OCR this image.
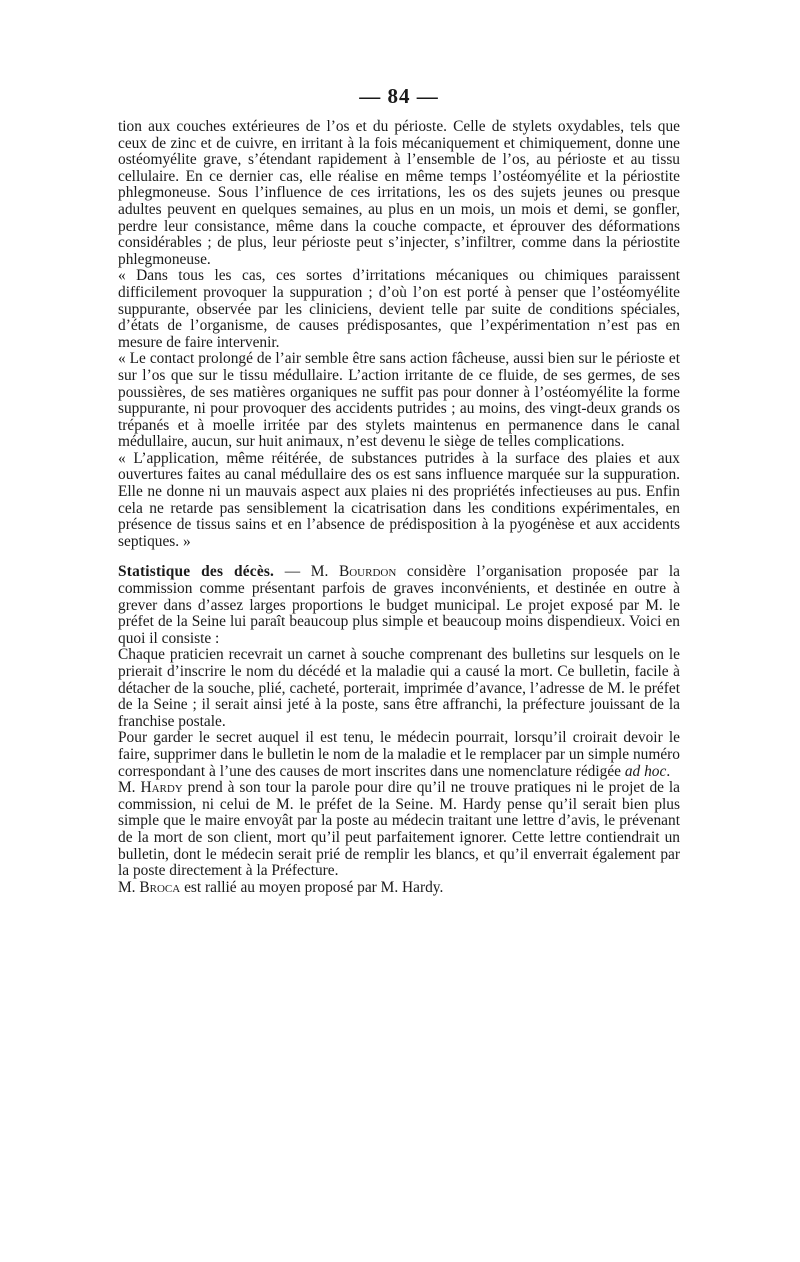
— 84 —

tion aux couches extérieures de l’os et du périoste. Celle de stylets oxydables, tels que ceux de zinc et de cuivre, en irritant à la fois mécaniquement et chimiquement, donne une ostéomyélite grave, s’étendant rapidement à l’ensemble de l’os, au périoste et au tissu cellulaire. En ce dernier cas, elle réalise en même temps l’ostéomyélite et la périostite phlegmoneuse. Sous l’influence de ces irritations, les os des sujets jeunes ou presque adultes peuvent en quelques semaines, au plus en un mois, un mois et demi, se gonfler, perdre leur consistance, même dans la couche compacte, et éprouver des déformations considérables ; de plus, leur périoste peut s’injecter, s’infiltrer, comme dans la périostite phlegmoneuse.

« Dans tous les cas, ces sortes d’irritations mécaniques ou chimiques paraissent difficilement provoquer la suppuration ; d’où l’on est porté à penser que l’ostéomyélite suppurante, observée par les cliniciens, devient telle par suite de conditions spéciales, d’états de l’organisme, de causes prédisposantes, que l’expérimentation n’est pas en mesure de faire intervenir.

« Le contact prolongé de l’air semble être sans action fâcheuse, aussi bien sur le périoste et sur l’os que sur le tissu médullaire. L’action irritante de ce fluide, de ses germes, de ses poussières, de ses matières organiques ne suffit pas pour donner à l’ostéomyélite la forme suppurante, ni pour provoquer des accidents putrides ; au moins, des vingt-deux grands os trépanés et à moelle irritée par des stylets maintenus en permanence dans le canal médullaire, aucun, sur huit animaux, n’est devenu le siège de telles complications.

« L’application, même réitérée, de substances putrides à la surface des plaies et aux ouvertures faites au canal médullaire des os est sans influence marquée sur la suppuration. Elle ne donne ni un mauvais aspect aux plaies ni des propriétés infectieuses au pus. Enfin cela ne retarde pas sensiblement la cicatrisation dans les conditions expérimentales, en présence de tissus sains et en l’absence de prédisposition à la pyogénèse et aux accidents septiques. »

Statistique des décès. — M. Bourdon considère l’organisation proposée par la commission comme présentant parfois de graves inconvénients, et destinée en outre à grever dans d’assez larges proportions le budget municipal. Le projet exposé par M. le préfet de la Seine lui paraît beaucoup plus simple et beaucoup moins dispendieux. Voici en quoi il consiste :

Chaque praticien recevrait un carnet à souche comprenant des bulletins sur lesquels on le prierait d’inscrire le nom du décédé et la maladie qui a causé la mort. Ce bulletin, facile à détacher de la souche, plié, cacheté, porterait, imprimée d’avance, l’adresse de M. le préfet de la Seine ; il serait ainsi jeté à la poste, sans être affranchi, la préfecture jouissant de la franchise postale.

Pour garder le secret auquel il est tenu, le médecin pourrait, lorsqu’il croirait devoir le faire, supprimer dans le bulletin le nom de la maladie et le remplacer par un simple numéro correspondant à l’une des causes de mort inscrites dans une nomenclature rédigée ad hoc.

M. Hardy prend à son tour la parole pour dire qu’il ne trouve pratiques ni le projet de la commission, ni celui de M. le préfet de la Seine. M. Hardy pense qu’il serait bien plus simple que le maire envoyât par la poste au médecin traitant une lettre d’avis, le prévenant de la mort de son client, mort qu’il peut parfaitement ignorer. Cette lettre contiendrait un bulletin, dont le médecin serait prié de remplir les blancs, et qu’il enverrait également par la poste directement à la Préfecture.

M. Broca est rallié au moyen proposé par M. Hardy.
